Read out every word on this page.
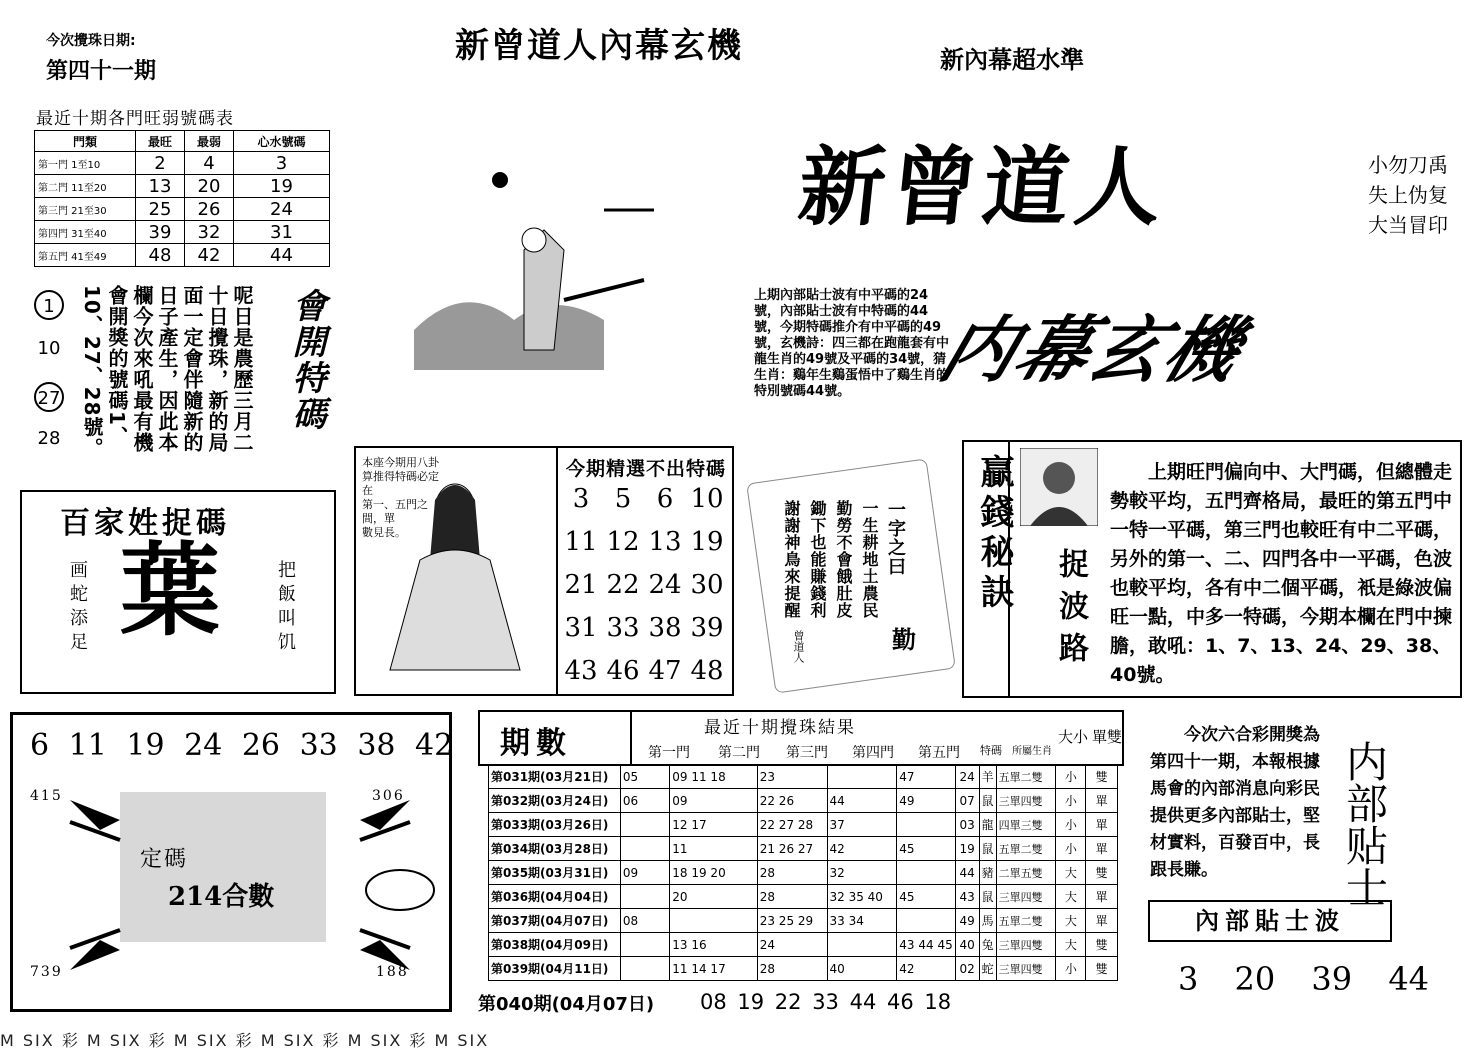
今次攪珠日期:
第四十一期
新曾道人內幕玄機	新內幕超水準
最近十期各門旺弱號碼表
門類	最旺	最弱	心水號碼
第一門 1至10	2	4	3
第二門 11至20	13	20	19
第三門 21至30	25	26	24
第四門 31至40	39	32	31
第五門 41至49	48	42	44
1
10
27
28	呢日是農歷三月二
十日攪珠，新的局
面一定會伴隨新的
日子產生，因此本
欄今次來吼最有機
會開獎的號碼1、
10、27、28號。	會開特碼
百家姓捉碼
葉
画蛇添足	把飯叫饥
上期內部貼士波有中平碼的24號，內部貼士波有中特碼的44號，今期特碼推介有中平碼的49號，玄機詩：四三都在跑龍套有中龍生肖的49號及平碼的34號，猜生肖：鷄年生鷄蛋悟中了鷄生肖的特別號碼44號。
新曾道人
内幕玄機
小勿刀禹
失上伪复
大当冒印
本座今期用八卦
算推得特碼必定在
第一、五門之間，單
數見長。
今期精選不出特碼
3 5 6 10
11 12 13 19
21 22 24 30
31 33 38 39
43 46 47 48
一字之曰
一生耕地土農民
勤勞不會餓肚皮
鋤下也能賺錢利
謝謝神鳥來提醒
勤
曾道人
贏錢秘訣 捉波路
上期旺門偏向中、大門碼，但總體走勢較平均，五門齊格局，最旺的第五門中一特一平碼，第三門也較旺有中二平碼，另外的第一、二、四門各中一平碼，色波也較平均，各有中二個平碼，衹是綠波偏旺一點，中多一特碼，今期本欄在門中揀膽，敢吼：1、7、13、24、29、38、40號。
6 11 19 24 26 33 38 42
415	306
739	188
定碼
214合數
期數	最近十期攪珠結果
第一門 第二門 第三門 第四門 第五門 特碼 所屬生肖
大小 單雙
第031期(03月21日)	05	09 11 18	23		47	24	羊	五單二雙	小	雙
第032期(03月24日)	06	09	22 26	44	49	07	鼠	三單四雙	小	單
第033期(03月26日)		12 17	22 27 28	37		03	龍	四單三雙	小	單
第034期(03月28日)		11	21 26 27	42	45	19	鼠	五單二雙	小	單
第035期(03月31日)	09	18 19 20	28	32		44	豬	二單五雙	大	雙
第036期(04月04日)		20	28	32 35 40	45	43	鼠	三單四雙	大	單
第037期(04月07日)	08		23 25 29	33 34		49	馬	五單二雙	大	單
第038期(04月09日)		13 16	24		43 44 45	40	兔	三單四雙	大	雙
第039期(04月11日)		11 14 17	28	40	42	02	蛇	三單四雙	小	雙
第040期(04月07日) 08 19 22 33 44 46 18
今次六合彩開獎為第四十一期，本報根據馬會的內部消息向彩民提供更多內部貼士，堅材實料，百發百中，長跟長賺。	内部贴士
內部貼士波
3 20 39 44
M SIX 彩 M SIX 彩 M SIX 彩 M SIX 彩 M SIX 彩 M SIX
